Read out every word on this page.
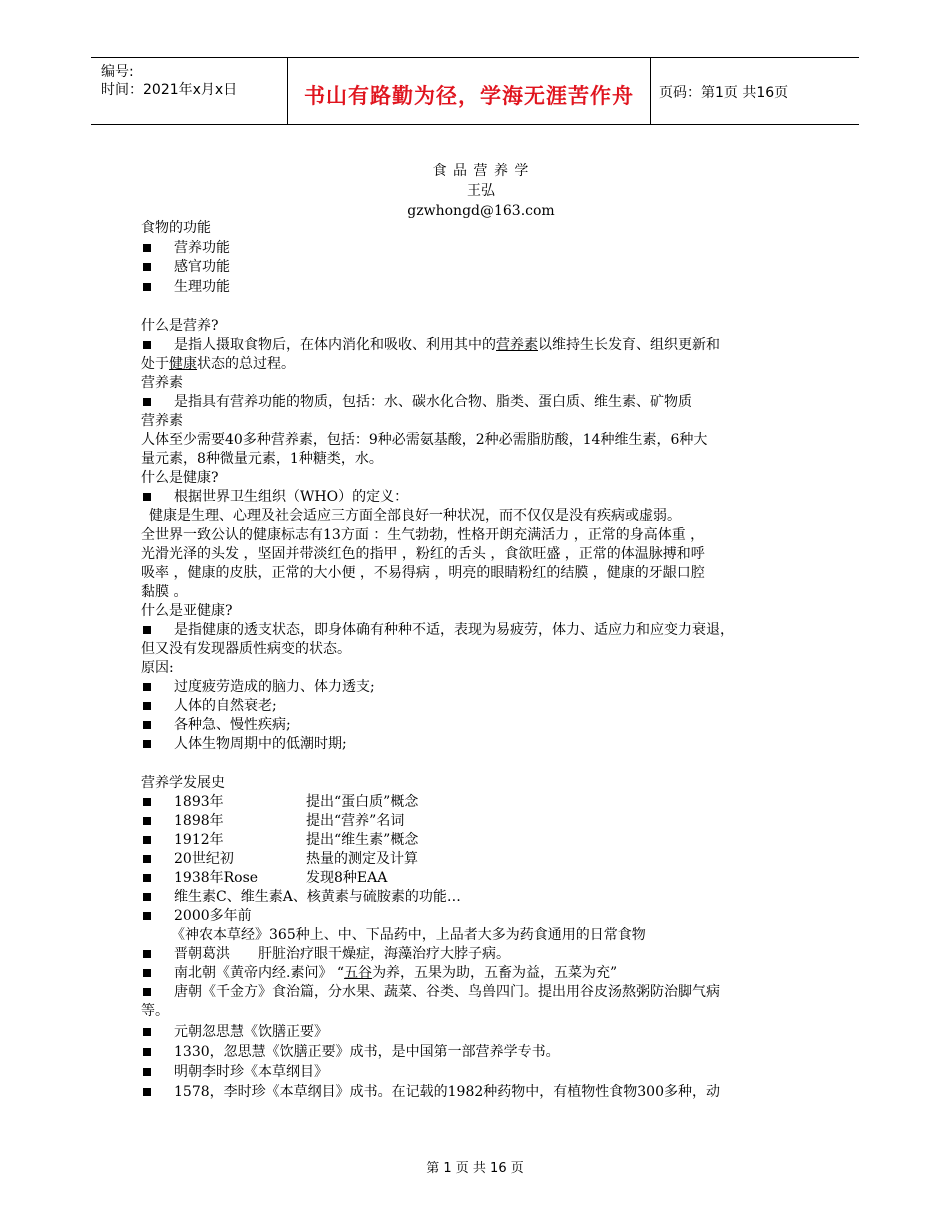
编号:
时间：2021年x月x日	书山有路勤为径，学海无涯苦作舟	页码：第1页 共16页
食 品 营 养 学
王弘
gzwhongd@163.com
食物的功能
营养功能
感官功能
生理功能
什么是营养?
是指人摄取食物后，在体内消化和吸收、利用其中的营养素以维持生长发育、组织更新和
处于健康状态的总过程。
营养素
是指具有营养功能的物质，包括：水、碳水化合物、脂类、蛋白质、维生素、矿物质
营养素
人体至少需要40多种营养素，包括：9种必需氨基酸，2种必需脂肪酸，14种维生素，6种大
量元素，8种微量元素，1种糖类，水。
什么是健康?
根据世界卫生组织（WHO）的定义：
健康是生理、心理及社会适应三方面全部良好一种状况，而不仅仅是没有疾病或虚弱。
全世界一致公认的健康标志有13方面 ：生气勃勃，性格开朗充满活力 ，正常的身高体重 ，
光滑光泽的头发 ，坚固并带淡红色的指甲 ，粉红的舌头 ，食欲旺盛 ，正常的体温脉搏和呼
吸率 ，健康的皮肤，正常的大小便 ，不易得病 ，明亮的眼睛粉红的结膜 ，健康的牙龈口腔
黏膜 。
什么是亚健康?
是指健康的透支状态，即身体确有种种不适，表现为易疲劳，体力、适应力和应变力衰退，
但又没有发现器质性病变的状态。
原因:
过度疲劳造成的脑力、体力透支;
人体的自然衰老;
各种急、慢性疾病;
人体生物周期中的低潮时期;
营养学发展史
1893年	提出“蛋白质”概念
1898年	提出“营养”名词
1912年	提出“维生素”概念
20世纪初	热量的测定及计算
1938年Rose	发现8种EAA
维生素C、维生素A、核黄素与硫胺素的功能…
2000多年前
《神农本草经》365种上、中、下品药中，上品者大多为药食通用的日常食物
晋朝葛洪 肝脏治疗眼干燥症，海藻治疗大脖子病。
南北朝《黄帝内经.素问》 “五谷为养，五果为助，五畜为益，五菜为充”
唐朝《千金方》食治篇，分水果、蔬菜、谷类、鸟兽四门。提出用谷皮汤熬粥防治脚气病
等。
元朝忽思慧《饮膳正要》
1330，忽思慧《饮膳正要》成书，是中国第一部营养学专书。
明朝李时珍《本草纲目》
1578，李时珍《本草纲目》成书。在记载的1982种药物中，有植物性食物300多种，动
第 1 页 共 16 页
